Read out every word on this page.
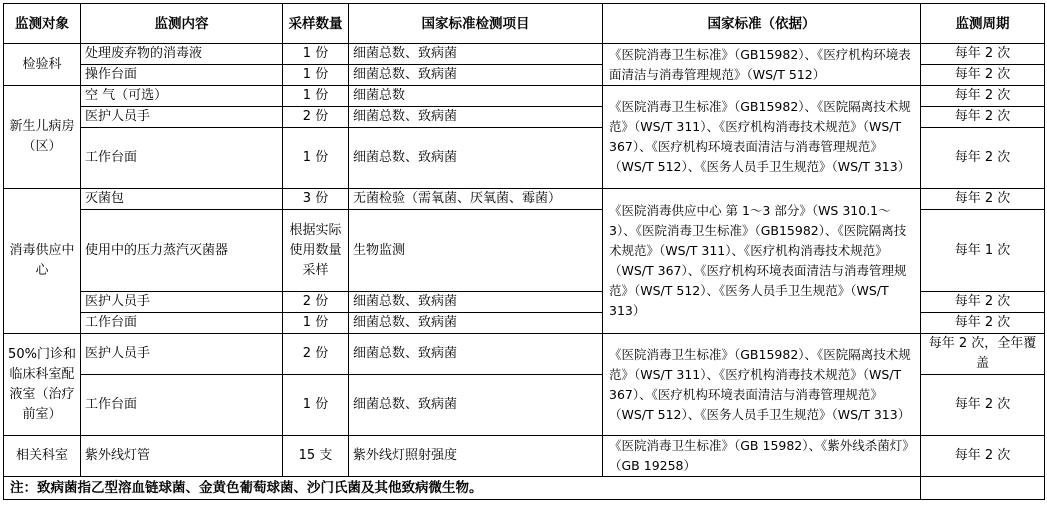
监测对象	监测内容	采样数量	国家标准检测项目	国家标准（依据）	监测周期
检验科	处理废弃物的消毒液	1 份	细菌总数、致病菌	《医院消毒卫生标准》（GB15982）、《医疗机构环境表面清洁与消毒管理规范》（WS/T 512）	每年 2 次
	操作台面	1 份	细菌总数、致病菌		每年 2 次
新生儿病房（区）	空 气（可选）	1 份	细菌总数	《医院消毒卫生标准》（GB15982）、《医院隔离技术规范》（WS/T 311）、《医疗机构消毒技术规范》（WS/T 367）、《医疗机构环境表面清洁与消毒管理规范》（WS/T 512）、《医务人员手卫生规范》（WS/T 313）	每年 2 次
	医护人员手	2 份	细菌总数、致病菌		每年 2 次
	工作台面	1 份	细菌总数、致病菌		每年 2 次
消毒供应中心	灭菌包	3 份	无菌检验（需氧菌、厌氧菌、霉菌）	《医院消毒供应中心 第 1～3 部分》（WS 310.1～3）、《医院消毒卫生标准》（GB15982）、《医院隔离技术规范》（WS/T 311）、《医疗机构消毒技术规范》（WS/T 367）、《医疗机构环境表面清洁与消毒管理规范》（WS/T 512）、《医务人员手卫生规范》（WS/T 313）	每年 2 次
	使用中的压力蒸汽灭菌器	根据实际使用数量采样	生物监测		每年 1 次
	医护人员手	2 份	细菌总数、致病菌		每年 2 次
	工作台面	1 份	细菌总数、致病菌		每年 2 次
50%门诊和临床科室配液室（治疗前室）	医护人员手	2 份	细菌总数、致病菌	《医院消毒卫生标准》（GB15982）、《医院隔离技术规范》（WS/T 311）、《医疗机构消毒技术规范》（WS/T 367）、《医疗机构环境表面清洁与消毒管理规范》（WS/T 512）、《医务人员手卫生规范》（WS/T 313）	每年 2 次，全年覆盖
	工作台面	1 份	细菌总数、致病菌		每年 2 次
相关科室	紫外线灯管	15 支	紫外线灯照射强度	《医院消毒卫生标准》（GB 15982）、《紫外线杀菌灯》（GB 19258）	每年 2 次
注：致病菌指乙型溶血链球菌、金黄色葡萄球菌、沙门氏菌及其他致病微生物。					
